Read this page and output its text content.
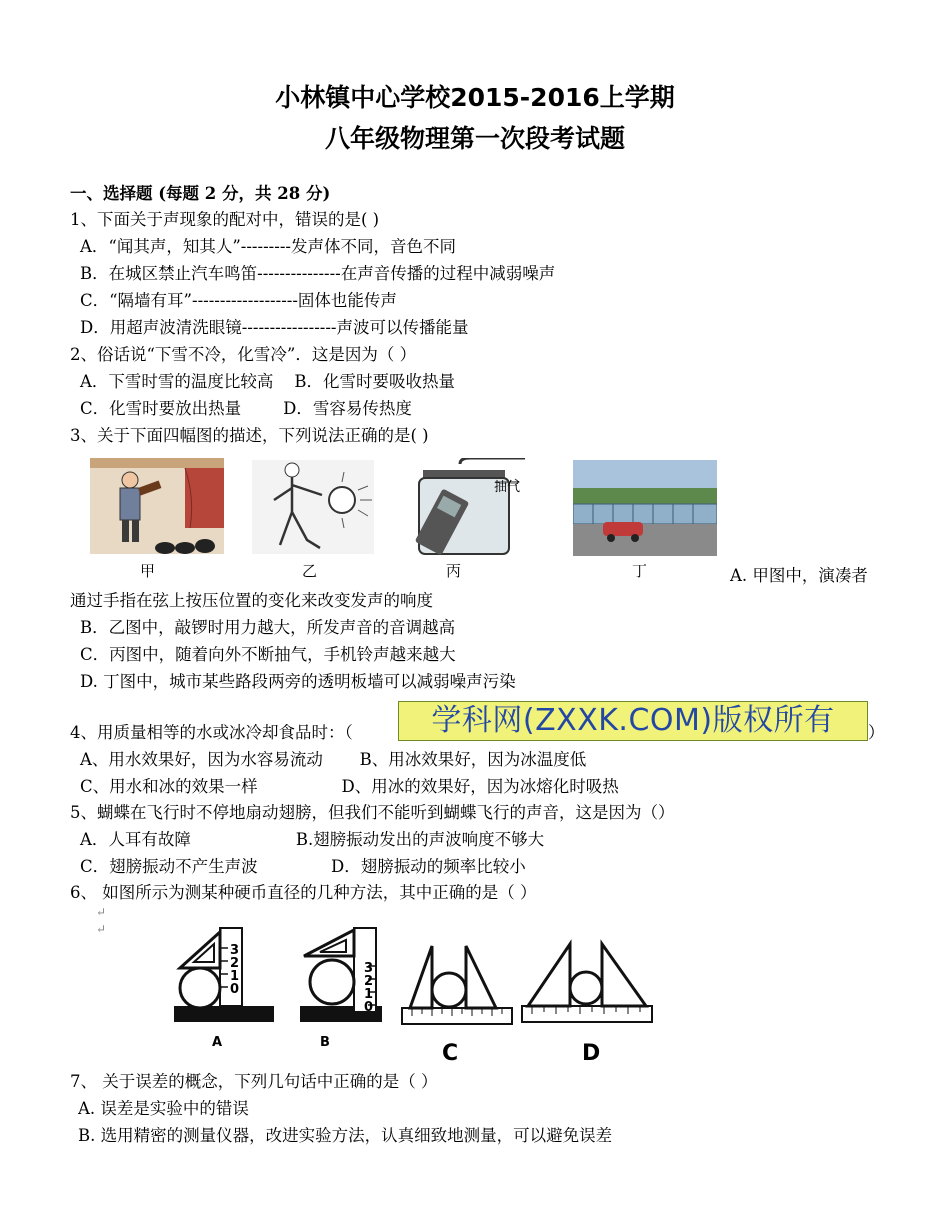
小林镇中心学校2015-2016上学期
八年级物理第一次段考试题
一、选择题 (每题 2 分，共 28 分)
1、下面关于声现象的配对中，错误的是( )
A．“闻其声，知其人”---------发声体不同，音色不同
B．在城区禁止汽车鸣笛---------------在声音传播的过程中减弱噪声
C．“隔墙有耳”-------------------固体也能传声
D．用超声波清洗眼镜-----------------声波可以传播能量
2、俗话说“下雪不冷，化雪冷”．这是因为（ ）
A．下雪时雪的温度比较高    B．化雪时要吸收热量
C．化雪时要放出热量        D．雪容易传热度
3、关于下面四幅图的描述，下列说法正确的是( )
甲	乙
抽气
丙	丁	A. 甲图中，演凑者
通过手指在弦上按压位置的变化来改变发声的响度
B．乙图中，敲锣时用力越大，所发声音的音调越高
C．丙图中，随着向外不断抽气，手机铃声越来越大
D. 丁图中，城市某些路段两旁的透明板墙可以减弱噪声污染
4、用质量相等的水或冰冷却食品时：（	学科网(ZXXK.COM)版权所有	）
A、用水效果好，因为水容易流动       B、用冰效果好，因为冰温度低
C、用水和冰的效果一样                D、用冰的效果好，因为冰熔化时吸热
5、蝴蝶在飞行时不停地扇动翅膀，但我们不能听到蝴蝶飞行的声音，这是因为（）
A．人耳有故障                    B.翅膀振动发出的声波响度不够大
C．翅膀振动不产生声波              D．翅膀振动的频率比较小
6、 如图所示为测某种硬币直径的几种方法，其中正确的是（ ）
↵
↵
3
2
1
0
A
3
2
1
0
B	C	D
7、 关于误差的概念，下列几句话中正确的是（ ）
A. 误差是实验中的错误
B. 选用精密的测量仪器，改进实验方法，认真细致地测量，可以避免误差
